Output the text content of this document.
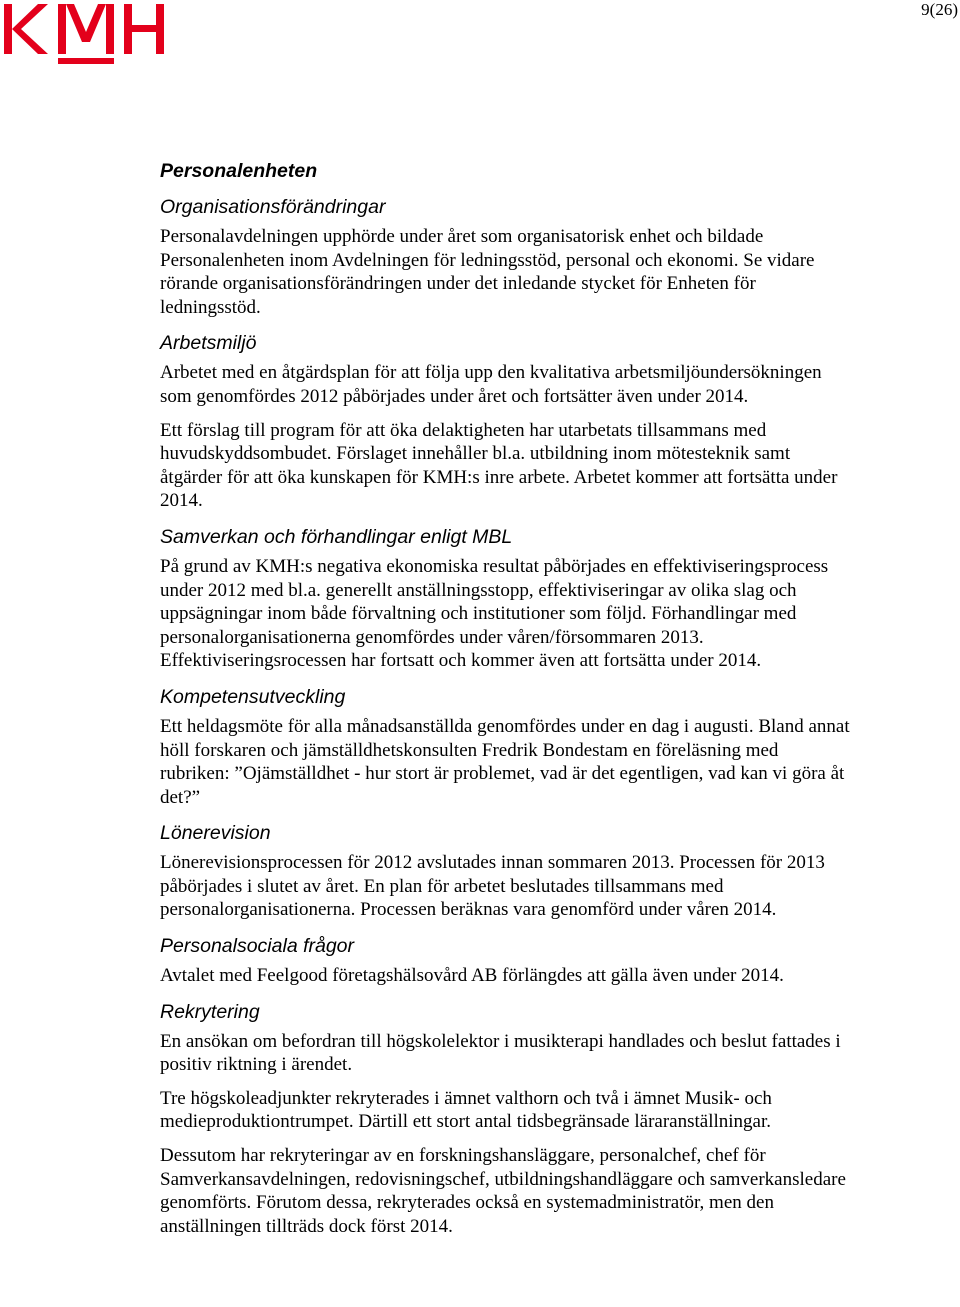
9(26)
Personalenheten
Organisationsförändringar

Personalavdelningen upphörde under året som organisatorisk enhet och bildade Personalenheten inom Avdelningen för ledningsstöd, personal och ekonomi. Se vidare rörande organisationsförändringen under det inledande stycket för Enheten för ledningsstöd.

Arbetsmiljö

Arbetet med en åtgärdsplan för att följa upp den kvalitativa arbetsmiljöundersökningen som genomfördes 2012 påbörjades under året och fortsätter även under 2014.

Ett förslag till program för att öka delaktigheten har utarbetats tillsammans med huvudskyddsombudet. Förslaget innehåller bl.a. utbildning inom mötesteknik samt åtgärder för att öka kunskapen för KMH:s inre arbete. Arbetet kommer att fortsätta under 2014.

Samverkan och förhandlingar enligt MBL

På grund av KMH:s negativa ekonomiska resultat påbörjades en effektiviseringsprocess under 2012 med bl.a. generellt anställningsstopp, effektiviseringar av olika slag och uppsägningar inom både förvaltning och institutioner som följd. Förhandlingar med personalorganisationerna genomfördes under våren/försommaren 2013. Effektiviseringsrocessen har fortsatt och kommer även att fortsätta under 2014.

Kompetensutveckling

Ett heldagsmöte för alla månadsanställda genomfördes under en dag i augusti. Bland annat höll forskaren och jämställdhetskonsulten Fredrik Bondestam en föreläsning med rubriken: ”Ojämställdhet - hur stort är problemet, vad är det egentligen, vad kan vi göra åt det?”

Lönerevision

Lönerevisionsprocessen för 2012 avslutades innan sommaren 2013. Processen för 2013 påbörjades i slutet av året. En plan för arbetet beslutades tillsammans med personalorganisationerna. Processen beräknas vara genomförd under våren 2014.

Personalsociala frågor

Avtalet med Feelgood företagshälsovård AB förlängdes att gälla även under 2014.

Rekrytering

En ansökan om befordran till högskolelektor i musikterapi handlades och beslut fattades i positiv riktning i ärendet.

Tre högskoleadjunkter rekryterades i ämnet valthorn och två i ämnet Musik- och medieproduktiontrumpet. Därtill ett stort antal tidsbegränsade läraranställningar.

Dessutom har rekryteringar av en forskningshansläggare, personalchef, chef för Samverkansavdelningen, redovisningschef, utbildningshandläggare och samverkansledare genomförts. Förutom dessa, rekryterades också en systemadministratör, men den anställningen tillträds dock först 2014.
